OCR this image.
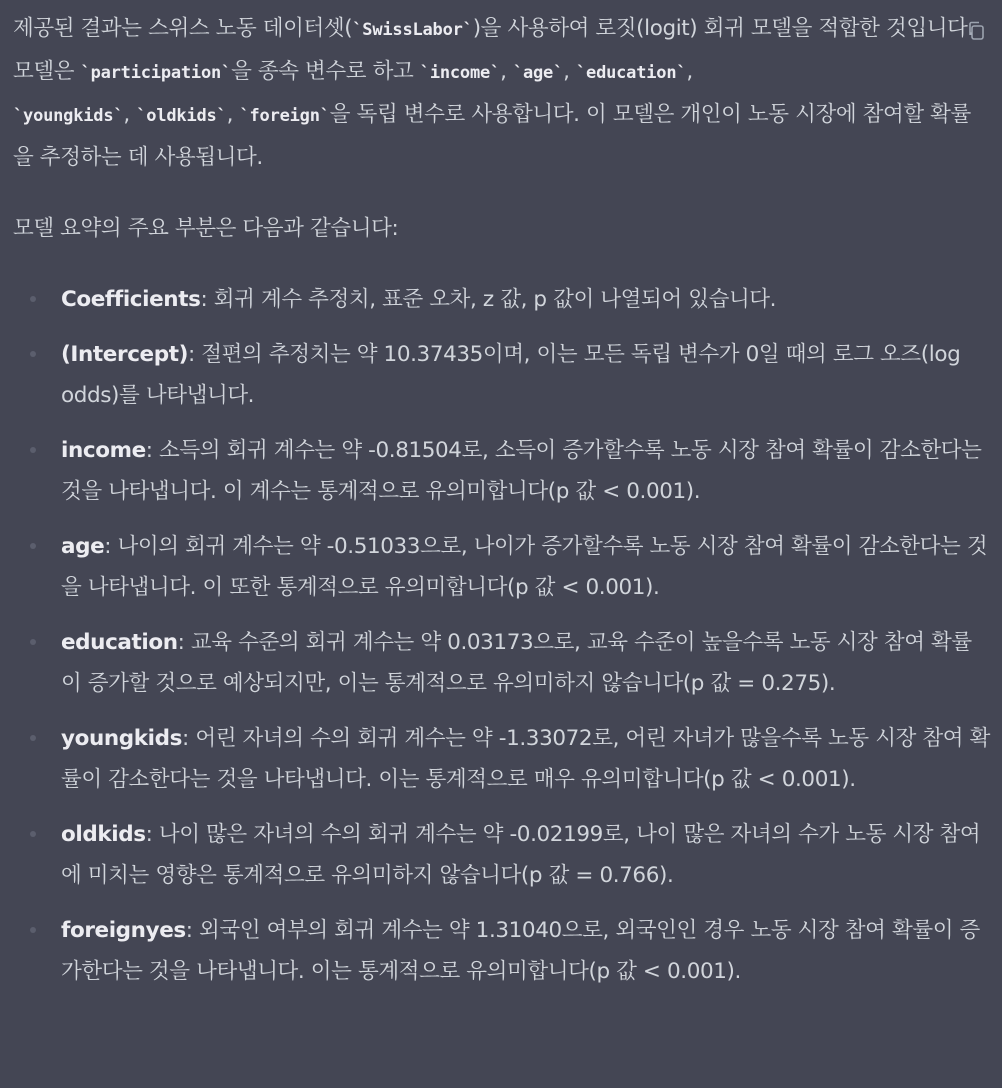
제공된 결과는 스위스 노동 데이터셋(`SwissLabor`)을 사용하여 로짓(logit) 회귀 모델을 적합한 것입니다. 모델은 `participation`을 종속 변수로 하고 `income`, `age`, `education`,
`youngkids`, `oldkids`, `foreign`을 독립 변수로 사용합니다. 이 모델은 개인이 노동 시장에 참여할 확률을 추정하는 데 사용됩니다.

모델 요약의 주요 부분은 다음과 같습니다:

Coefficients: 회귀 계수 추정치, 표준 오차, z 값, p 값이 나열되어 있습니다.
(Intercept): 절편의 추정치는 약 10.37435이며, 이는 모든 독립 변수가 0일 때의 로그 오즈(log odds)를 나타냅니다.
income: 소득의 회귀 계수는 약 -0.81504로, 소득이 증가할수록 노동 시장 참여 확률이 감소한다는 것을 나타냅니다. 이 계수는 통계적으로 유의미합니다(p 값 < 0.001).
age: 나이의 회귀 계수는 약 -0.51033으로, 나이가 증가할수록 노동 시장 참여 확률이 감소한다는 것을 나타냅니다. 이 또한 통계적으로 유의미합니다(p 값 < 0.001).
education: 교육 수준의 회귀 계수는 약 0.03173으로, 교육 수준이 높을수록 노동 시장 참여 확률이 증가할 것으로 예상되지만, 이는 통계적으로 유의미하지 않습니다(p 값 = 0.275).
youngkids: 어린 자녀의 수의 회귀 계수는 약 -1.33072로, 어린 자녀가 많을수록 노동 시장 참여 확률이 감소한다는 것을 나타냅니다. 이는 통계적으로 매우 유의미합니다(p 값 < 0.001).
oldkids: 나이 많은 자녀의 수의 회귀 계수는 약 -0.02199로, 나이 많은 자녀의 수가 노동 시장 참여에 미치는 영향은 통계적으로 유의미하지 않습니다(p 값 = 0.766).
foreignyes: 외국인 여부의 회귀 계수는 약 1.31040으로, 외국인인 경우 노동 시장 참여 확률이 증가한다는 것을 나타냅니다. 이는 통계적으로 유의미합니다(p 값 < 0.001).
